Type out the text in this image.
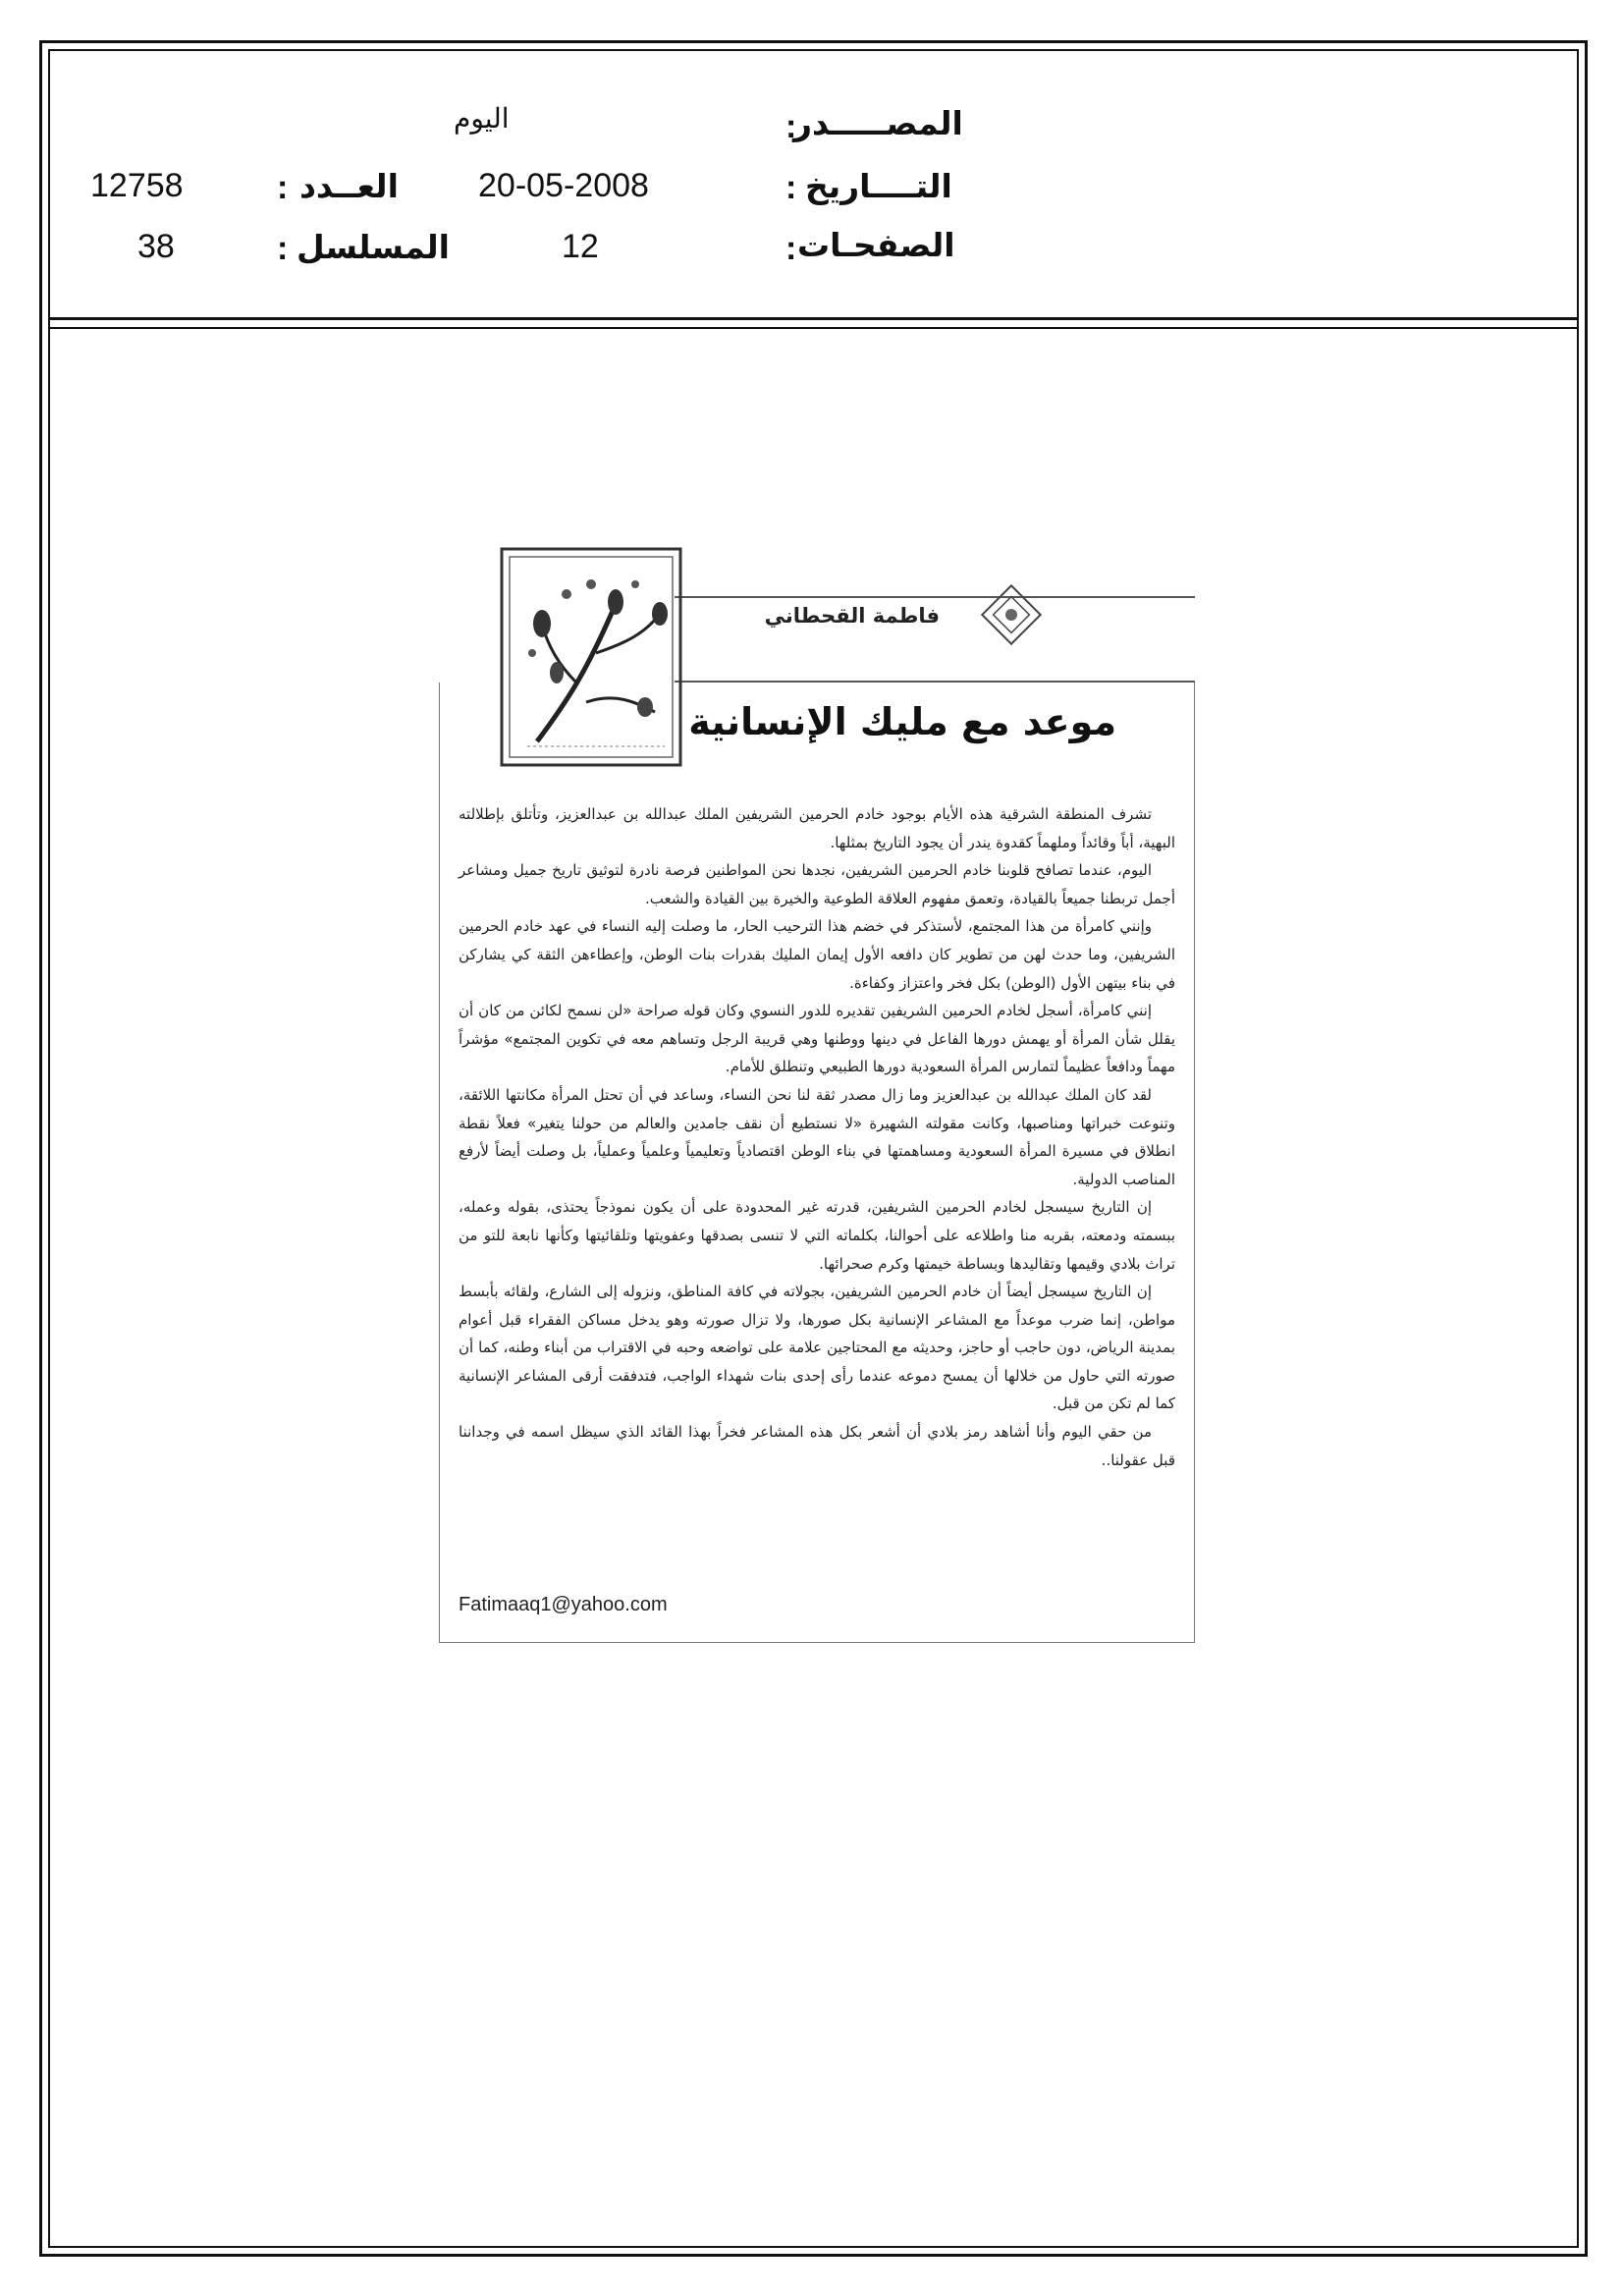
المصـــــدر
:
اليوم
التــــاريخ
:
20-05-2008
العــدد
:
12758
الصفحـات
:
12
المسلسل
:
38
فاطمة القحطاني
موعد مع مليك الإنسانية

تشرف المنطقة الشرقية هذه الأيام بوجود خادم الحرمين الشريفين الملك عبدالله بن عبدالعزيز، وتأتلق بإطلالته البهية، أباً وقائداً وملهماً كقدوة يندر أن يجود التاريخ بمثلها.

اليوم، عندما تصافح قلوبنا خادم الحرمين الشريفين، نجدها نحن المواطنين فرصة نادرة لتوثيق تاريخ جميل ومشاعر أجمل تربطنا جميعاً بالقيادة، وتعمق مفهوم العلاقة الطوعية والخيرة بين القيادة والشعب.

وإنني كامرأة من هذا المجتمع، لأستذكر في خضم هذا الترحيب الحار، ما وصلت إليه النساء في عهد خادم الحرمين الشريفين، وما حدث لهن من تطوير كان دافعه الأول إيمان المليك بقدرات بنات الوطن، وإعطاءهن الثقة كي يشاركن في بناء بيتهن الأول (الوطن) بكل فخر واعتزاز وكفاءة.

إنني كامرأة، أسجل لخادم الحرمين الشريفين تقديره للدور النسوي وكان قوله صراحة «لن نسمح لكائن من كان أن يقلل شأن المرأة أو يهمش دورها الفاعل في دينها ووطنها وهي قريبة الرجل وتساهم معه في تكوين المجتمع» مؤشراً مهماً ودافعاً عظيماً لتمارس المرأة السعودية دورها الطبيعي وتنطلق للأمام.

لقد كان الملك عبدالله بن عبدالعزيز وما زال مصدر ثقة لنا نحن النساء، وساعد في أن تحتل المرأة مكانتها اللائقة، وتنوعت خبراتها ومناصبها، وكانت مقولته الشهيرة «لا نستطيع أن نقف جامدين والعالم من حولنا يتغير» فعلاً نقطة انطلاق في مسيرة المرأة السعودية ومساهمتها في بناء الوطن اقتصادياً وتعليمياً وعلمياً وعملياً، بل وصلت أيضاً لأرفع المناصب الدولية.

إن التاريخ سيسجل لخادم الحرمين الشريفين، قدرته غير المحدودة على أن يكون نموذجاً يحتذى، بقوله وعمله، ببسمته ودمعته، بقربه منا واطلاعه على أحوالنا، بكلماته التي لا تنسى بصدقها وعفويتها وتلقائيتها وكأنها نابعة للتو من تراث بلادي وقيمها وتقاليدها وبساطة خيمتها وكرم صحرائها.

إن التاريخ سيسجل أيضاً أن خادم الحرمين الشريفين، بجولاته في كافة المناطق، ونزوله إلى الشارع، ولقائه بأبسط مواطن، إنما ضرب موعداً مع المشاعر الإنسانية بكل صورها، ولا تزال صورته وهو يدخل مساكن الفقراء قبل أعوام بمدينة الرياض، دون حاجب أو حاجز، وحديثه مع المحتاجين علامة على تواضعه وحبه في الاقتراب من أبناء وطنه، كما أن صورته التي حاول من خلالها أن يمسح دموعه عندما رأى إحدى بنات شهداء الواجب، فتدفقت أرقى المشاعر الإنسانية كما لم تكن من قبل.

من حقي اليوم وأنا أشاهد رمز بلادي أن أشعر بكل هذه المشاعر فخراً بهذا القائد الذي سيظل اسمه في وجداننا قبل عقولنا..

Fatimaaq1@yahoo.com
